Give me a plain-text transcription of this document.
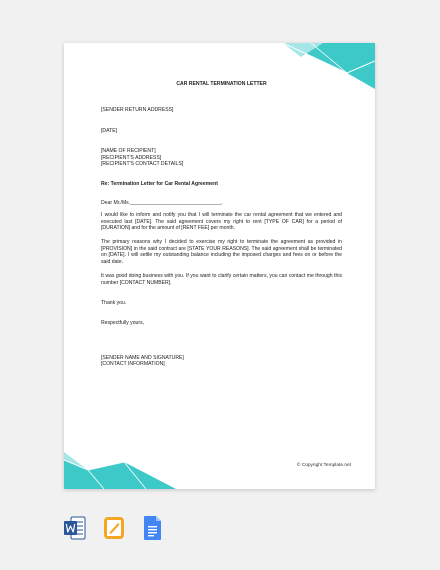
CAR RENTAL TERMINATION LETTER

[SENDER RETURN ADDRESS]

[DATE]

[NAME OF RECIPIENT]

[RECIPIENT'S ADDRESS]

[RECIPIENT'S CONTACT DETAILS]

Re: Termination Letter for Car Rental Agreement

Dear Mr./Ms.________________________________,

I would like to inform and notify you that I will terminate the car rental agreement that we entered and executed last [DATE]. The said agreement covers my right to rent [TYPE OF CAR] for a period of [DURATION] and for the amount of [RENT FEE] per month.

The primary reasons why I decided to exercise my right to terminate the agreement as provided in [PROVISION] in the said contract are [STATE YOUR REASONS]. The said agreement shall be terminated on [DATE]. I will settle my outstanding balance including the imposed charges and fees on or before the said date.

It was good doing business with you. If you want to clarify certain matters, you can contact me through this number [CONTACT NUMBER].

Thank you.

Respectfully yours,

[SENDER NAME AND SIGNATURE]

[CONTACT INFORMATION]

© Copyright Template.net
